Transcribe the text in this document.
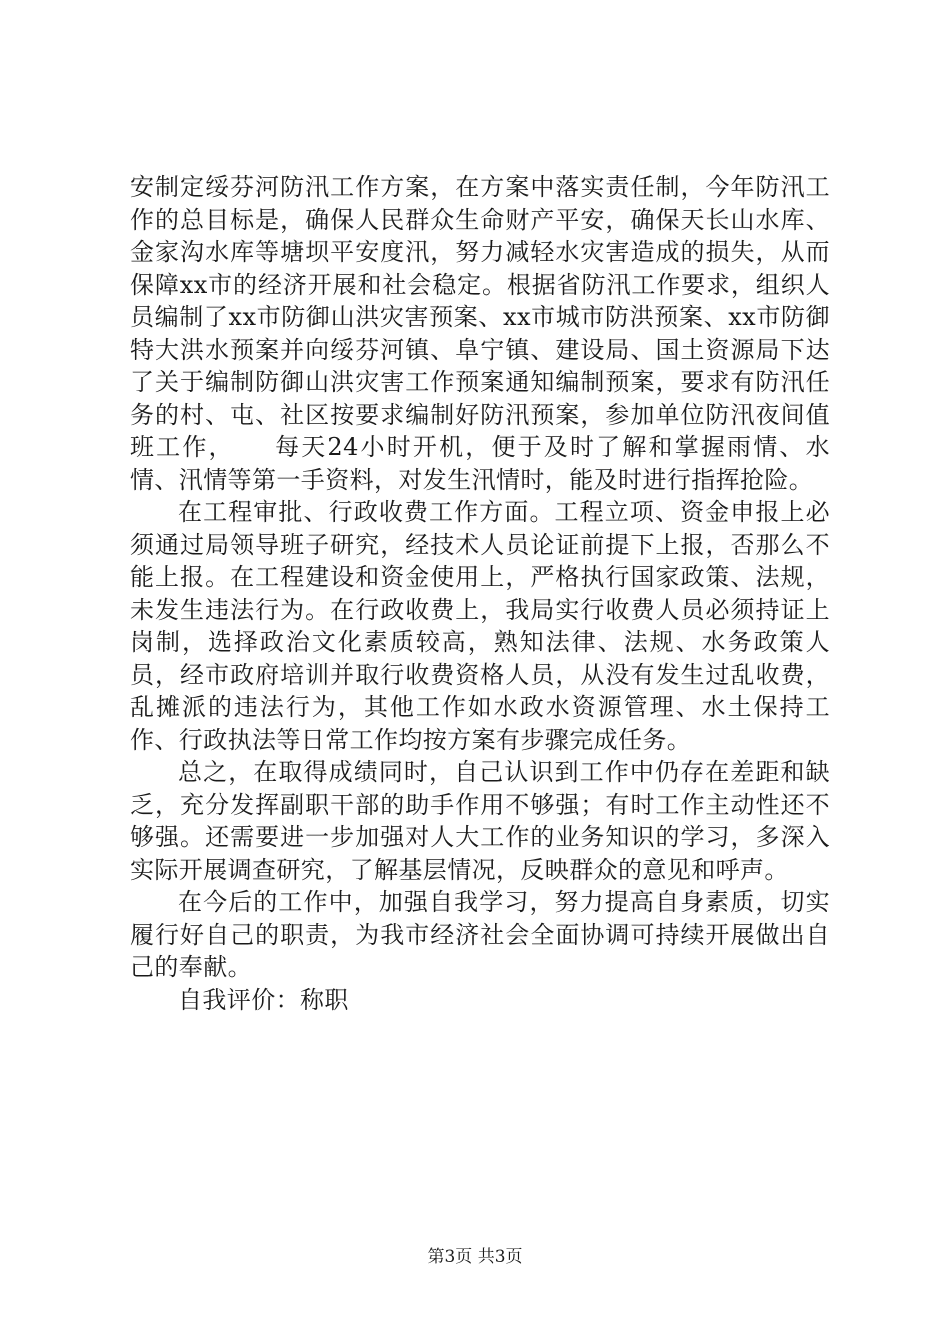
安制定绥芬河防汛工作方案，在方案中落实责任制，今年防汛工作的总目标是，确保人民群众生命财产平安，确保天长山水库、金家沟水库等塘坝平安度汛，努力减轻水灾害造成的损失，从而保障xx市的经济开展和社会稳定。根据省防汛工作要求，组织人员编制了xx市防御山洪灾害预案、xx市城市防洪预案、xx市防御特大洪水预案并向绥芬河镇、阜宁镇、建设局、国土资源局下达了关于编制防御山洪灾害工作预案通知编制预案，要求有防汛任务的村、屯、社区按要求编制好防汛预案，参加单位防汛夜间值班工作，　　每天24小时开机，便于及时了解和掌握雨情、水情、汛情等第一手资料，对发生汛情时，能及时进行指挥抢险。

在工程审批、行政收费工作方面。工程立项、资金申报上必须通过局领导班子研究，经技术人员论证前提下上报，否那么不能上报。在工程建设和资金使用上，严格执行国家政策、法规，未发生违法行为。在行政收费上，我局实行收费人员必须持证上岗制，选择政治文化素质较高，熟知法律、法规、水务政策人员，经市政府培训并取行收费资格人员，从没有发生过乱收费，乱摊派的违法行为，其他工作如水政水资源管理、水土保持工作、行政执法等日常工作均按方案有步骤完成任务。

总之，在取得成绩同时，自己认识到工作中仍存在差距和缺乏，充分发挥副职干部的助手作用不够强；有时工作主动性还不够强。还需要进一步加强对人大工作的业务知识的学习，多深入实际开展调查研究，了解基层情况，反映群众的意见和呼声。

在今后的工作中，加强自我学习，努力提高自身素质，切实履行好自己的职责，为我市经济社会全面协调可持续开展做出自己的奉献。

自我评价：称职

第3页 共3页
